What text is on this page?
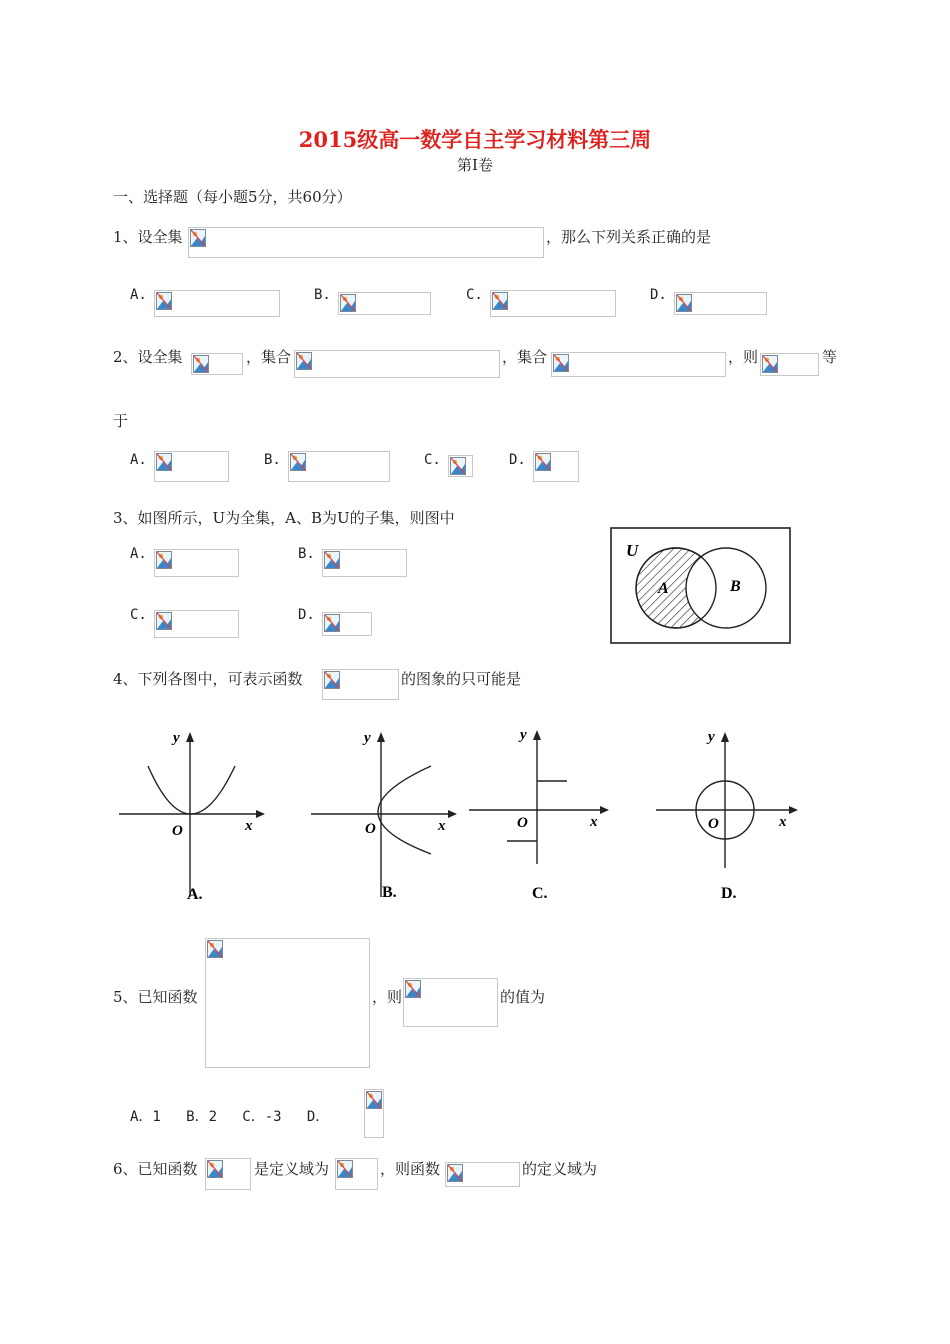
2015级高一数学自主学习材料第三周
第Ⅰ卷
一、选择题（每小题5分，共60分）
1、设全集	，那么下列关系正确的是
A.	B.	C.	D.
2、设全集	，集合	，集合	，则	等
于
A.	B.	C.	D.
3、如图所示，U为全集，A、B为U的子集，则图中
A.	B.
C.	D.
U
A	B
4、下列各图中，可表示函数	的图象的只可能是
y
x
O
A.
y
x
O
B.
y
x
O
C.
y
x
O
D.
5、已知函数	，则	的值为
A．1   B．2   C．-3   D．
6、已知函数	是定义域为	，则函数	的定义域为
